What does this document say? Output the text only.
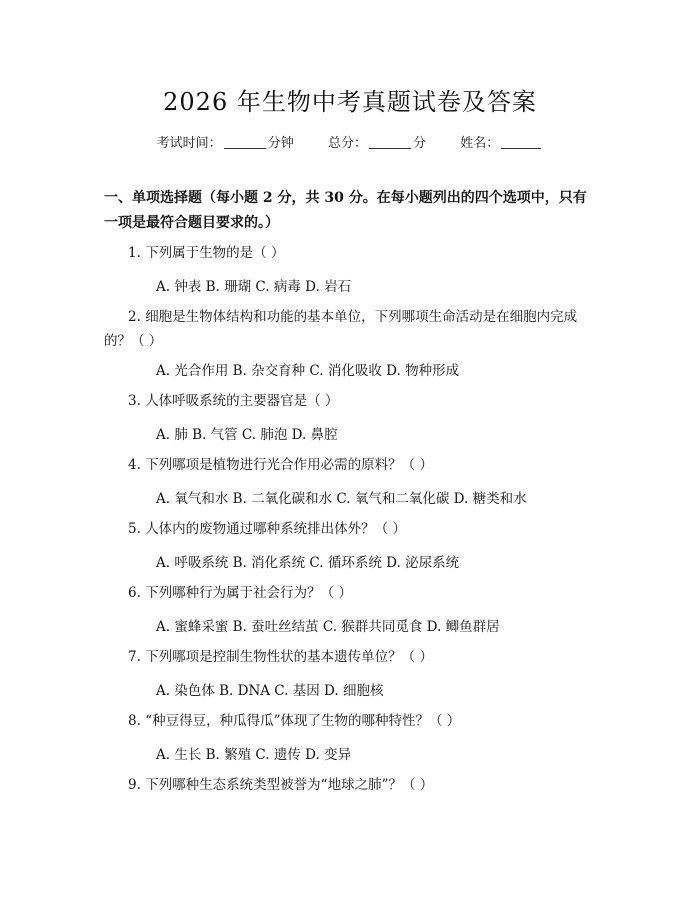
2026 年生物中考真题试卷及答案
考试时间：	分钟	总分：	分	姓名：
一、单项选择题（每小题 2 分，共 30 分。在每小题列出的四个选项中，只有一项是最符合题目要求的。）
1. 下列属于生物的是（ ）
A. 钟表 B. 珊瑚 C. 病毒 D. 岩石
2. 细胞是生物体结构和功能的基本单位，下列哪项生命活动是在细胞内完成的？（ ）
A. 光合作用 B. 杂交育种 C. 消化吸收 D. 物种形成
3. 人体呼吸系统的主要器官是（ ）
A. 肺 B. 气管 C. 肺泡 D. 鼻腔
4. 下列哪项是植物进行光合作用必需的原料？（ ）
A. 氧气和水 B. 二氧化碳和水 C. 氧气和二氧化碳 D. 糖类和水
5. 人体内的废物通过哪种系统排出体外？（ ）
A. 呼吸系统 B. 消化系统 C. 循环系统 D. 泌尿系统
6. 下列哪种行为属于社会行为？（ ）
A. 蜜蜂采蜜 B. 蚕吐丝结茧 C. 猴群共同觅食 D. 鲫鱼群居
7. 下列哪项是控制生物性状的基本遗传单位？（ ）
A. 染色体 B. DNA C. 基因 D. 细胞核
8. “种豆得豆，种瓜得瓜”体现了生物的哪种特性？（ ）
A. 生长 B. 繁殖 C. 遗传 D. 变异
9. 下列哪种生态系统类型被誉为“地球之肺”？（ ）
